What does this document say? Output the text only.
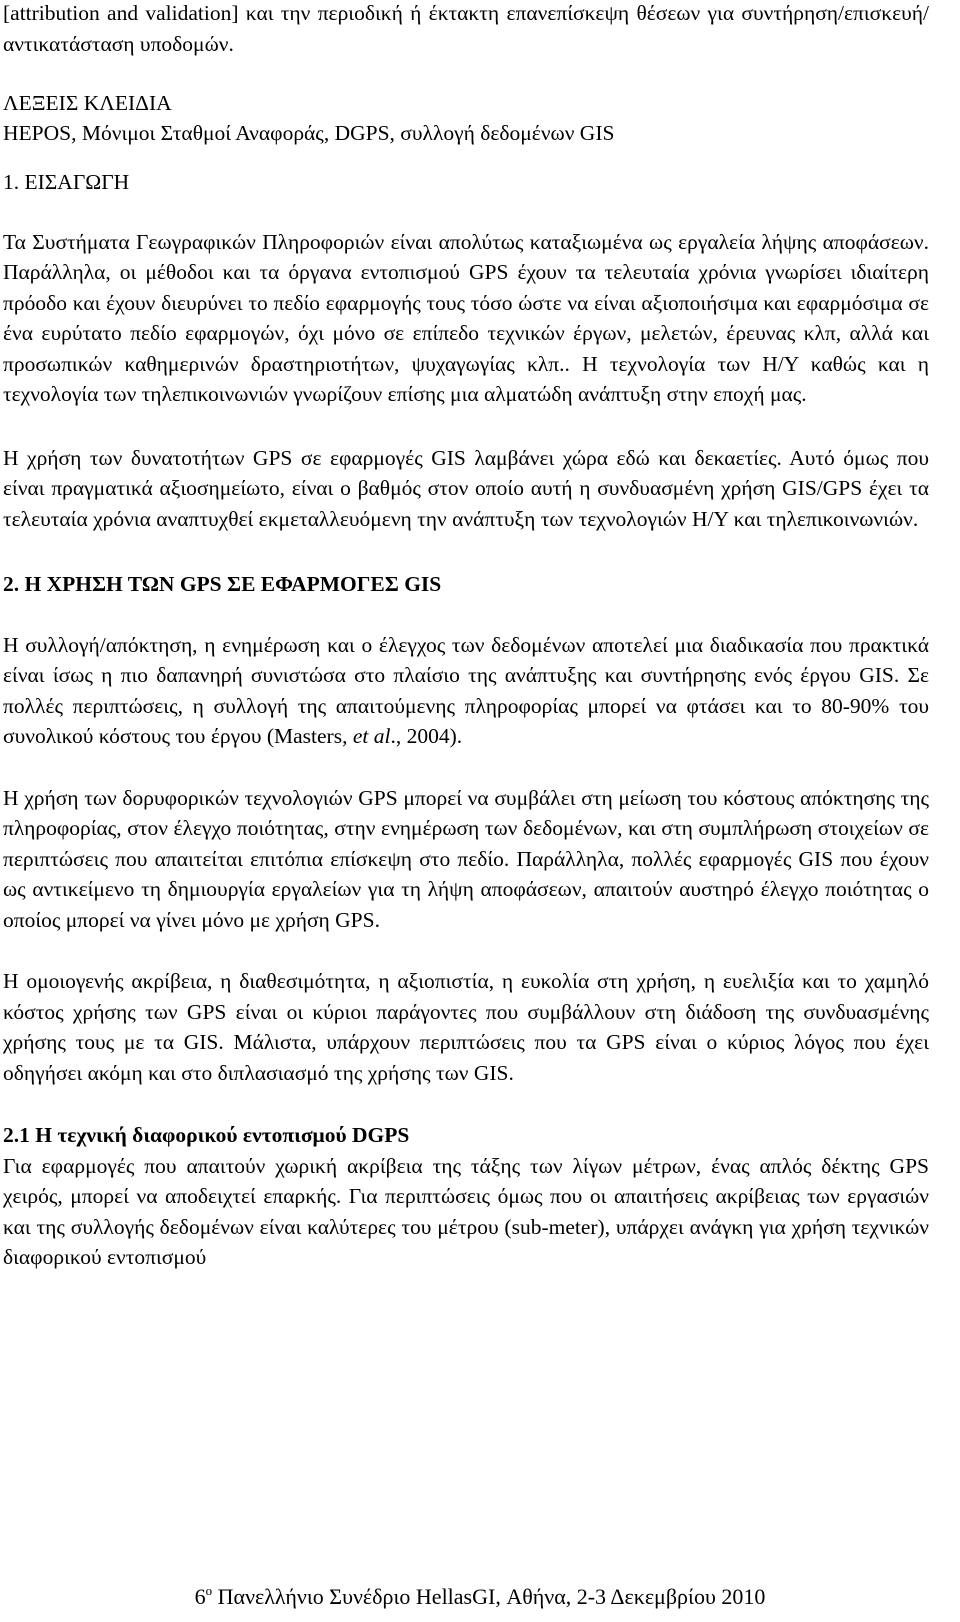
[attribution and validation] και την περιοδική ή έκτακτη επανεπίσκεψη θέσεων για συντήρηση/επισκευή/αντικατάσταση υποδομών.

ΛΕΞΕΙΣ ΚΛΕΙΔΙΑ
HEPOS, Μόνιμοι Σταθμοί Αναφοράς, DGPS, συλλογή δεδομένων GIS
1. ΕΙΣΑΓΩΓΗ

Τα Συστήματα Γεωγραφικών Πληροφοριών είναι απολύτως καταξιωμένα ως εργαλεία λήψης αποφάσεων. Παράλληλα, οι μέθοδοι και τα όργανα εντοπισμού GPS έχουν τα τελευταία χρόνια γνωρίσει ιδιαίτερη πρόοδο και έχουν διευρύνει το πεδίο εφαρμογής τους τόσο ώστε να είναι αξιοποιήσιμα και εφαρμόσιμα σε ένα ευρύτατο πεδίο εφαρμογών, όχι μόνο σε επίπεδο τεχνικών έργων, μελετών, έρευνας κλπ, αλλά και προσωπικών καθημερινών δραστηριοτήτων, ψυχαγωγίας κλπ.. Η τεχνολογία των Η/Υ καθώς και η τεχνολογία των τηλεπικοινωνιών γνωρίζουν επίσης μια αλματώδη ανάπτυξη στην εποχή μας.

Η χρήση των δυνατοτήτων GPS σε εφαρμογές GIS λαμβάνει χώρα εδώ και δεκαετίες. Αυτό όμως που είναι πραγματικά αξιοσημείωτο, είναι ο βαθμός στον οποίο αυτή η συνδυασμένη χρήση GIS/GPS έχει τα τελευταία χρόνια αναπτυχθεί εκμεταλλευόμενη την ανάπτυξη των τεχνολογιών Η/Υ και τηλεπικοινωνιών.

2. Η ΧΡΗΣΗ ΤΩΝ GPS ΣΕ ΕΦΑΡΜΟΓΕΣ GIS

Η συλλογή/απόκτηση, η ενημέρωση και ο έλεγχος των δεδομένων αποτελεί μια διαδικασία που πρακτικά είναι ίσως η πιο δαπανηρή συνιστώσα στο πλαίσιο της ανάπτυξης και συντήρησης ενός έργου GIS. Σε πολλές περιπτώσεις, η συλλογή της απαιτούμενης πληροφορίας μπορεί να φτάσει και το 80-90% του συνολικού κόστους του έργου (Masters, et al., 2004).

Η χρήση των δορυφορικών τεχνολογιών GPS μπορεί να συμβάλει στη μείωση του κόστους απόκτησης της πληροφορίας, στον έλεγχο ποιότητας, στην ενημέρωση των δεδομένων, και στη συμπλήρωση στοιχείων σε περιπτώσεις που απαιτείται επιτόπια επίσκεψη στο πεδίο. Παράλληλα, πολλές εφαρμογές GIS που έχουν ως αντικείμενο τη δημιουργία εργαλείων για τη λήψη αποφάσεων, απαιτούν αυστηρό έλεγχο ποιότητας ο οποίος μπορεί να γίνει μόνο με χρήση GPS.

Η ομοιογενής ακρίβεια, η διαθεσιμότητα, η αξιοπιστία, η ευκολία στη χρήση, η ευελιξία και το χαμηλό κόστος χρήσης των GPS είναι οι κύριοι παράγοντες που συμβάλλουν στη διάδοση της συνδυασμένης χρήσης τους με τα GIS. Μάλιστα, υπάρχουν περιπτώσεις που τα GPS είναι ο κύριος λόγος που έχει οδηγήσει ακόμη και στο διπλασιασμό της χρήσης των GIS.

2.1 Η τεχνική διαφορικού εντοπισμού DGPS

Για εφαρμογές που απαιτούν χωρική ακρίβεια της τάξης των λίγων μέτρων, ένας απλός δέκτης GPS χειρός, μπορεί να αποδειχτεί επαρκής. Για περιπτώσεις όμως που οι απαιτήσεις ακρίβειας των εργασιών και της συλλογής δεδομένων είναι καλύτερες του μέτρου (sub-meter), υπάρχει ανάγκη για χρήση τεχνικών διαφορικού εντοπισμού

$6^o$ Πανελλήνιο Συνέδριο HellasGI, Αθήνα, 2-3 Δεκεμβρίου 2010
